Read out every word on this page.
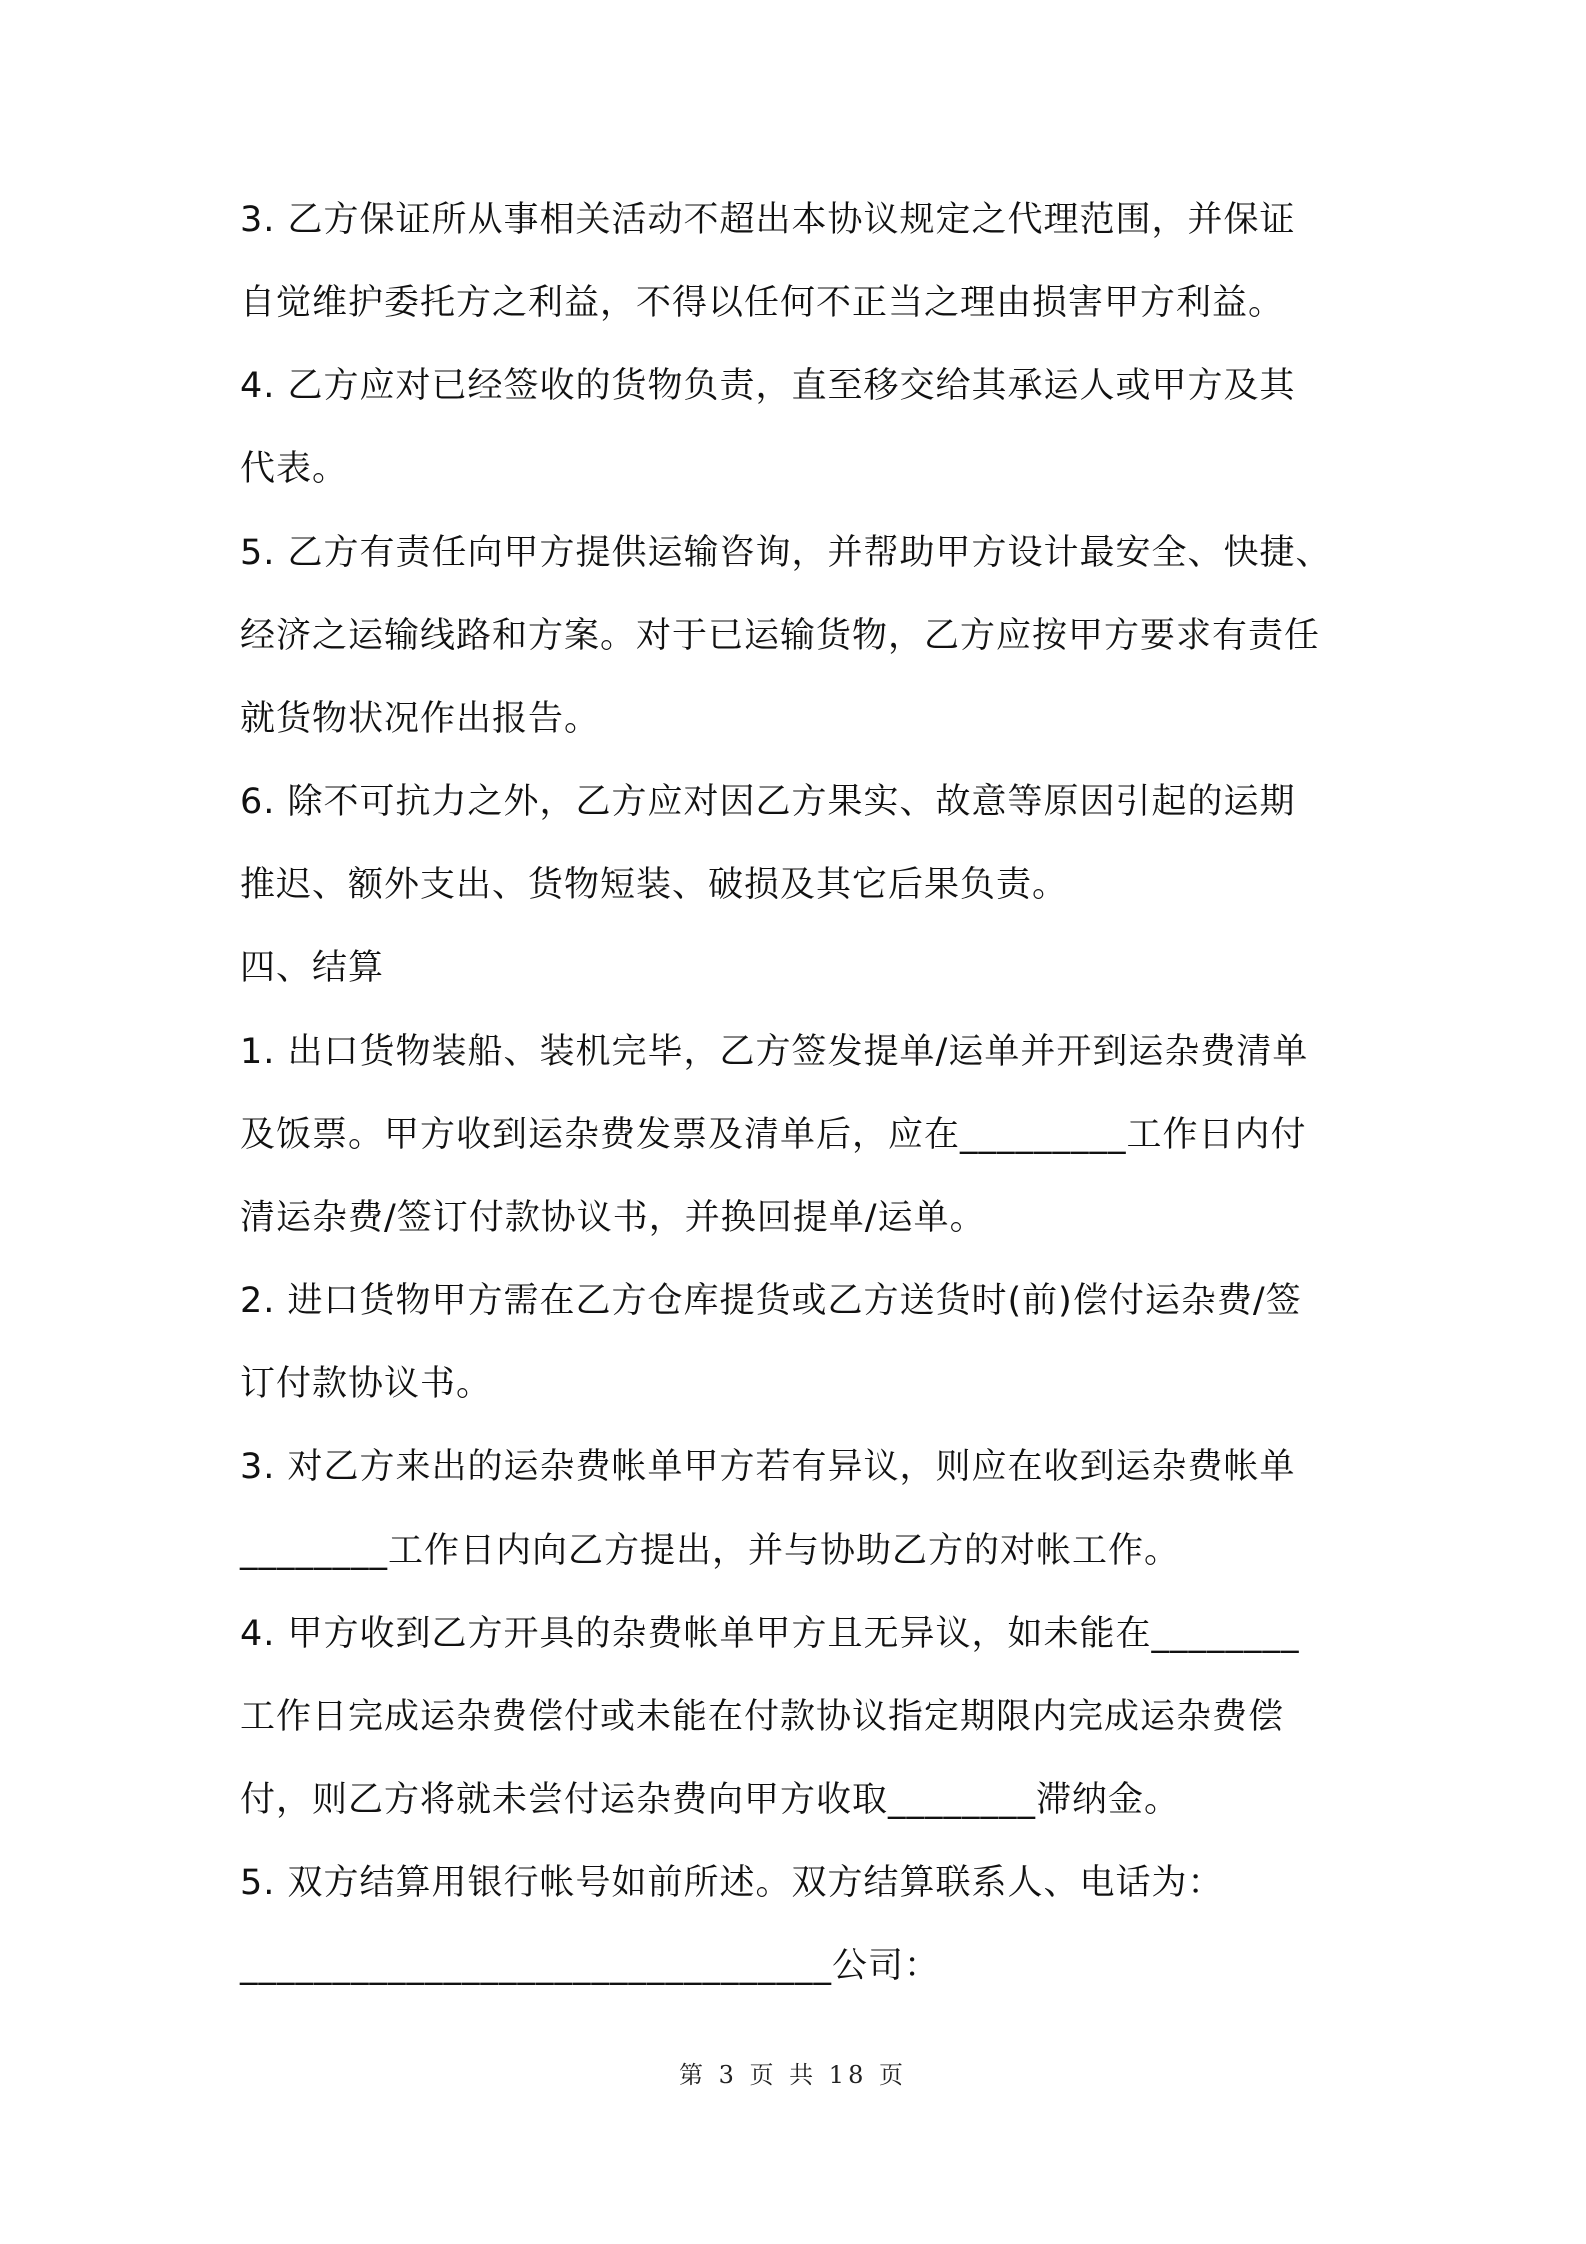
3. 乙方保证所从事相关活动不超出本协议规定之代理范围，并保证
自觉维护委托方之利益，不得以任何不正当之理由损害甲方利益。
4. 乙方应对已经签收的货物负责，直至移交给其承运人或甲方及其
代表。
5. 乙方有责任向甲方提供运输咨询，并帮助甲方设计最安全、快捷、
经济之运输线路和方案。对于已运输货物，乙方应按甲方要求有责任
就货物状况作出报告。
6. 除不可抗力之外，乙方应对因乙方果实、故意等原因引起的运期
推迟、额外支出、货物短装、破损及其它后果负责。
四、结算
1. 出口货物装船、装机完毕，乙方签发提单/运单并开到运杂费清单
及饭票。甲方收到运杂费发票及清单后，应在_________工作日内付
清运杂费/签订付款协议书，并换回提单/运单。
2. 进口货物甲方需在乙方仓库提货或乙方送货时(前)偿付运杂费/签
订付款协议书。
3. 对乙方来出的运杂费帐单甲方若有异议，则应在收到运杂费帐单
________工作日内向乙方提出，并与协助乙方的对帐工作。
4. 甲方收到乙方开具的杂费帐单甲方且无异议，如未能在________
工作日完成运杂费偿付或未能在付款协议指定期限内完成运杂费偿
付，则乙方将就未尝付运杂费向甲方收取________滞纳金。
5. 双方结算用银行帐号如前所述。双方结算联系人、电话为：
________________________________公司：
第 3 页 共 18 页
